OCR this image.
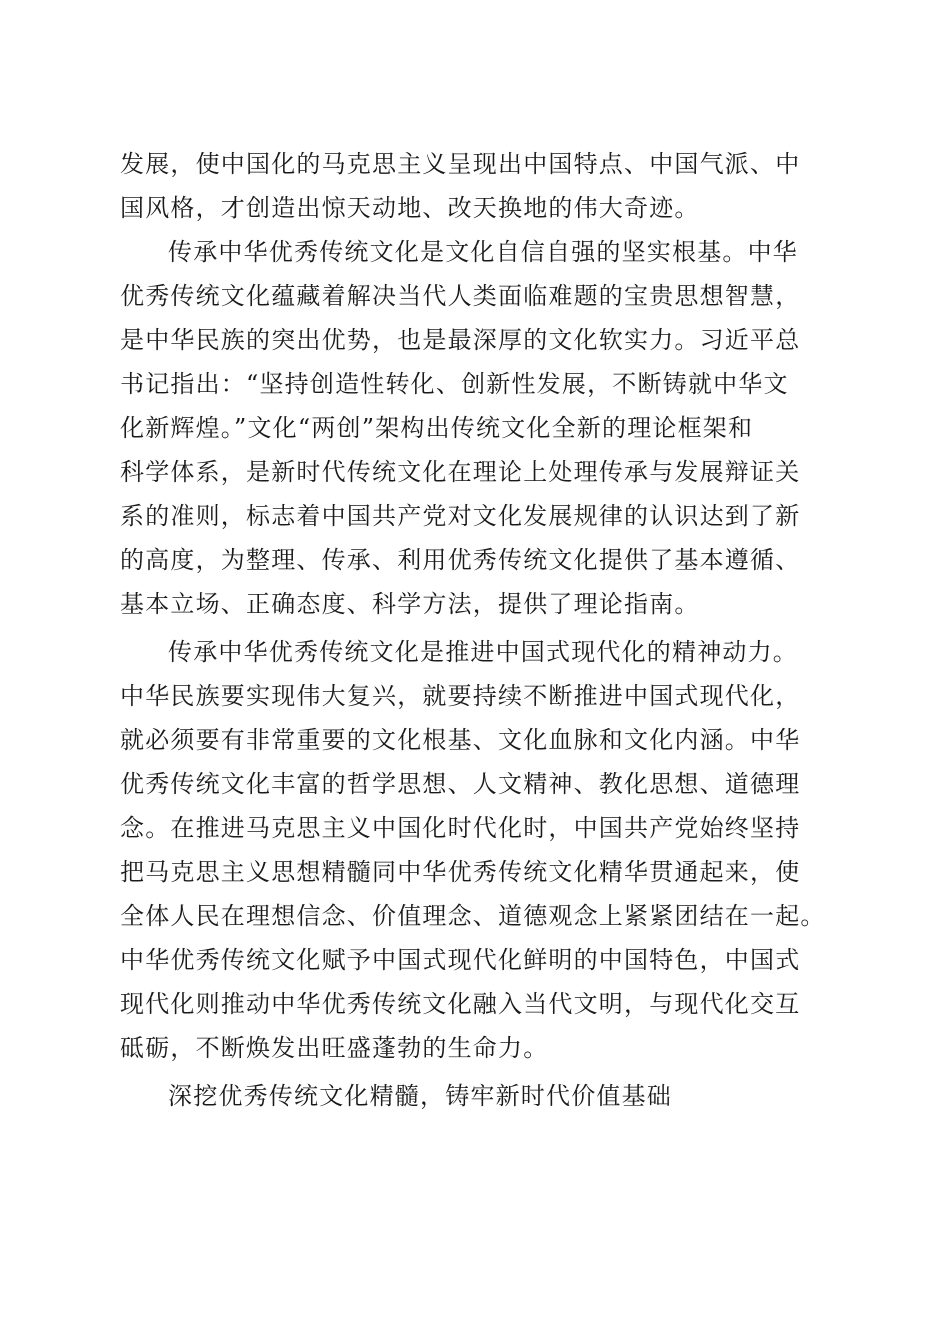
发展，使中国化的马克思主义呈现出中国特点、中国气派、中
国风格，才创造出惊天动地、改天换地的伟大奇迹。
传承中华优秀传统文化是文化自信自强的坚实根基。中华
优秀传统文化蕴藏着解决当代人类面临难题的宝贵思想智慧，
是中华民族的突出优势，也是最深厚的文化软实力。习近平总
书记指出：“坚持创造性转化、创新性发展，不断铸就中华文
化新辉煌。”文化“两创”架构出传统文化全新的理论框架和
科学体系，是新时代传统文化在理论上处理传承与发展辩证关
系的准则，标志着中国共产党对文化发展规律的认识达到了新
的高度，为整理、传承、利用优秀传统文化提供了基本遵循、
基本立场、正确态度、科学方法，提供了理论指南。
传承中华优秀传统文化是推进中国式现代化的精神动力。
中华民族要实现伟大复兴，就要持续不断推进中国式现代化，
就必须要有非常重要的文化根基、文化血脉和文化内涵。中华
优秀传统文化丰富的哲学思想、人文精神、教化思想、道德理
念。在推进马克思主义中国化时代化时，中国共产党始终坚持
把马克思主义思想精髓同中华优秀传统文化精华贯通起来，使
全体人民在理想信念、价值理念、道德观念上紧紧团结在一起。
中华优秀传统文化赋予中国式现代化鲜明的中国特色，中国式
现代化则推动中华优秀传统文化融入当代文明，与现代化交互
砥砺，不断焕发出旺盛蓬勃的生命力。
深挖优秀传统文化精髓，铸牢新时代价值基础
